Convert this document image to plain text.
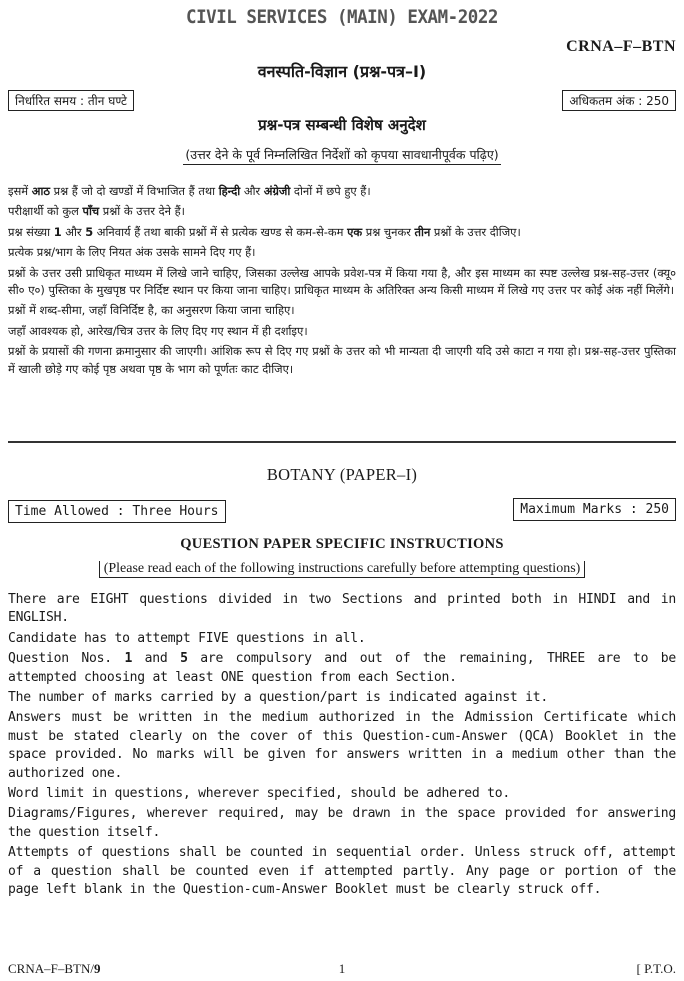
CIVIL SERVICES (MAIN) EXAM-2022
CRNA–F–BTN
वनस्पति-विज्ञान (प्रश्न-पत्र–I)
निर्धारित समय : तीन घण्टे	अधिकतम अंक : 250
प्रश्न-पत्र सम्बन्धी विशेष अनुदेश
(उत्तर देने के पूर्व निम्नलिखित निर्देशों को कृपया सावधानीपूर्वक पढ़िए)

इसमें आठ प्रश्न हैं जो दो खण्डों में विभाजित हैं तथा हिन्दी और अंग्रेजी दोनों में छपे हुए हैं।

परीक्षार्थी को कुल पाँच प्रश्नों के उत्तर देने हैं।

प्रश्न संख्या 1 और 5 अनिवार्य हैं तथा बाकी प्रश्नों में से प्रत्येक खण्ड से कम-से-कम एक प्रश्न चुनकर तीन प्रश्नों के उत्तर दीजिए।

प्रत्येक प्रश्न/भाग के लिए नियत अंक उसके सामने दिए गए हैं।

प्रश्नों के उत्तर उसी प्राधिकृत माध्यम में लिखे जाने चाहिए, जिसका उल्लेख आपके प्रवेश-पत्र में किया गया है, और इस माध्यम का स्पष्ट उल्लेख प्रश्न-सह-उत्तर (क्यू० सी० ए०) पुस्तिका के मुखपृष्ठ पर निर्दिष्ट स्थान पर किया जाना चाहिए। प्राधिकृत माध्यम के अतिरिक्त अन्य किसी माध्यम में लिखे गए उत्तर पर कोई अंक नहीं मिलेंगे।

प्रश्नों में शब्द-सीमा, जहाँ विनिर्दिष्ट है, का अनुसरण किया जाना चाहिए।

जहाँ आवश्यक हो, आरेख/चित्र उत्तर के लिए दिए गए स्थान में ही दर्शाइए।

प्रश्नों के प्रयासों की गणना क्रमानुसार की जाएगी। आंशिक रूप से दिए गए प्रश्नों के उत्तर को भी मान्यता दी जाएगी यदि उसे काटा न गया हो। प्रश्न-सह-उत्तर पुस्तिका में खाली छोड़े गए कोई पृष्ठ अथवा पृष्ठ के भाग को पूर्णतः काट दीजिए।

BOTANY (PAPER–I)
Time Allowed : Three Hours	Maximum Marks : 250
QUESTION PAPER SPECIFIC INSTRUCTIONS
(Please read each of the following instructions carefully before attempting questions)

There are EIGHT questions divided in two Sections and printed both in HINDI and in ENGLISH.

Candidate has to attempt FIVE questions in all.

Question Nos. 1 and 5 are compulsory and out of the remaining, THREE are to be attempted choosing at least ONE question from each Section.

The number of marks carried by a question/part is indicated against it.

Answers must be written in the medium authorized in the Admission Certificate which must be stated clearly on the cover of this Question-cum-Answer (QCA) Booklet in the space provided. No marks will be given for answers written in a medium other than the authorized one.

Word limit in questions, wherever specified, should be adhered to.

Diagrams/Figures, wherever required, may be drawn in the space provided for answering the question itself.

Attempts of questions shall be counted in sequential order. Unless struck off, attempt of a question shall be counted even if attempted partly. Any page or portion of the page left blank in the Question-cum-Answer Booklet must be clearly struck off.

CRNA–F–BTN/9	1	[ P.T.O.
